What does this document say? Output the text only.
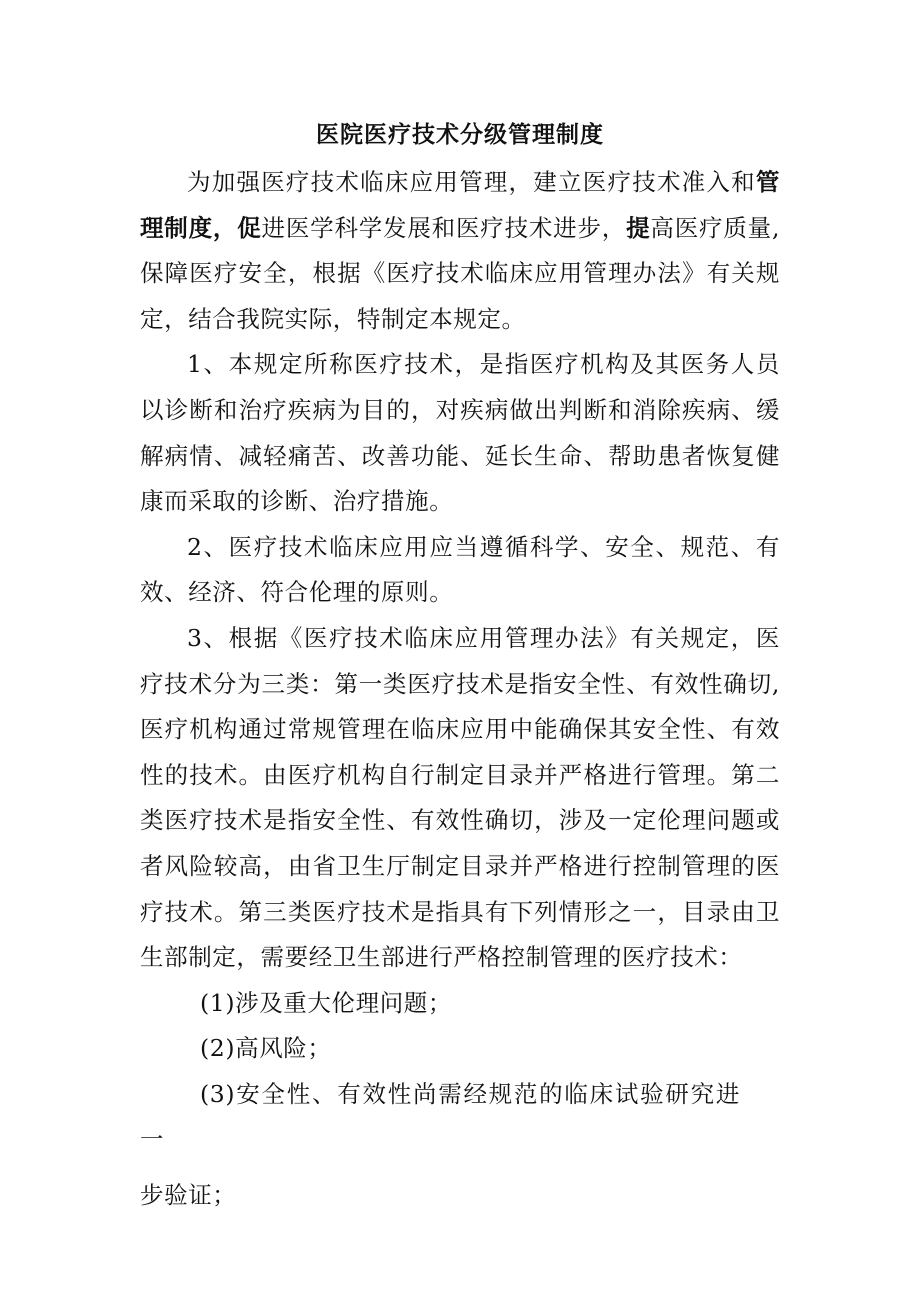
医院医疗技术分级管理制度

为加强医疗技术临床应用管理，建立医疗技术准入和管理制度，促进医学科学发展和医疗技术进步，提高医疗质量,保障医疗安全，根据《医疗技术临床应用管理办法》有关规定，结合我院实际，特制定本规定。

1、本规定所称医疗技术，是指医疗机构及其医务人员以诊断和治疗疾病为目的，对疾病做出判断和消除疾病、缓解病情、减轻痛苦、改善功能、延长生命、帮助患者恢复健康而采取的诊断、治疗措施。

2、医疗技术临床应用应当遵循科学、安全、规范、有效、经济、符合伦理的原则。

3、根据《医疗技术临床应用管理办法》有关规定，医疗技术分为三类：第一类医疗技术是指安全性、有效性确切,医疗机构通过常规管理在临床应用中能确保其安全性、有效性的技术。由医疗机构自行制定目录并严格进行管理。第二类医疗技术是指安全性、有效性确切，涉及一定伦理问题或者风险较高，由省卫生厅制定目录并严格进行控制管理的医疗技术。第三类医疗技术是指具有下列情形之一，目录由卫生部制定，需要经卫生部进行严格控制管理的医疗技术：

(1)涉及重大伦理问题；

(2)高风险；

(3)安全性、有效性尚需经规范的临床试验研究进一

步验证；
